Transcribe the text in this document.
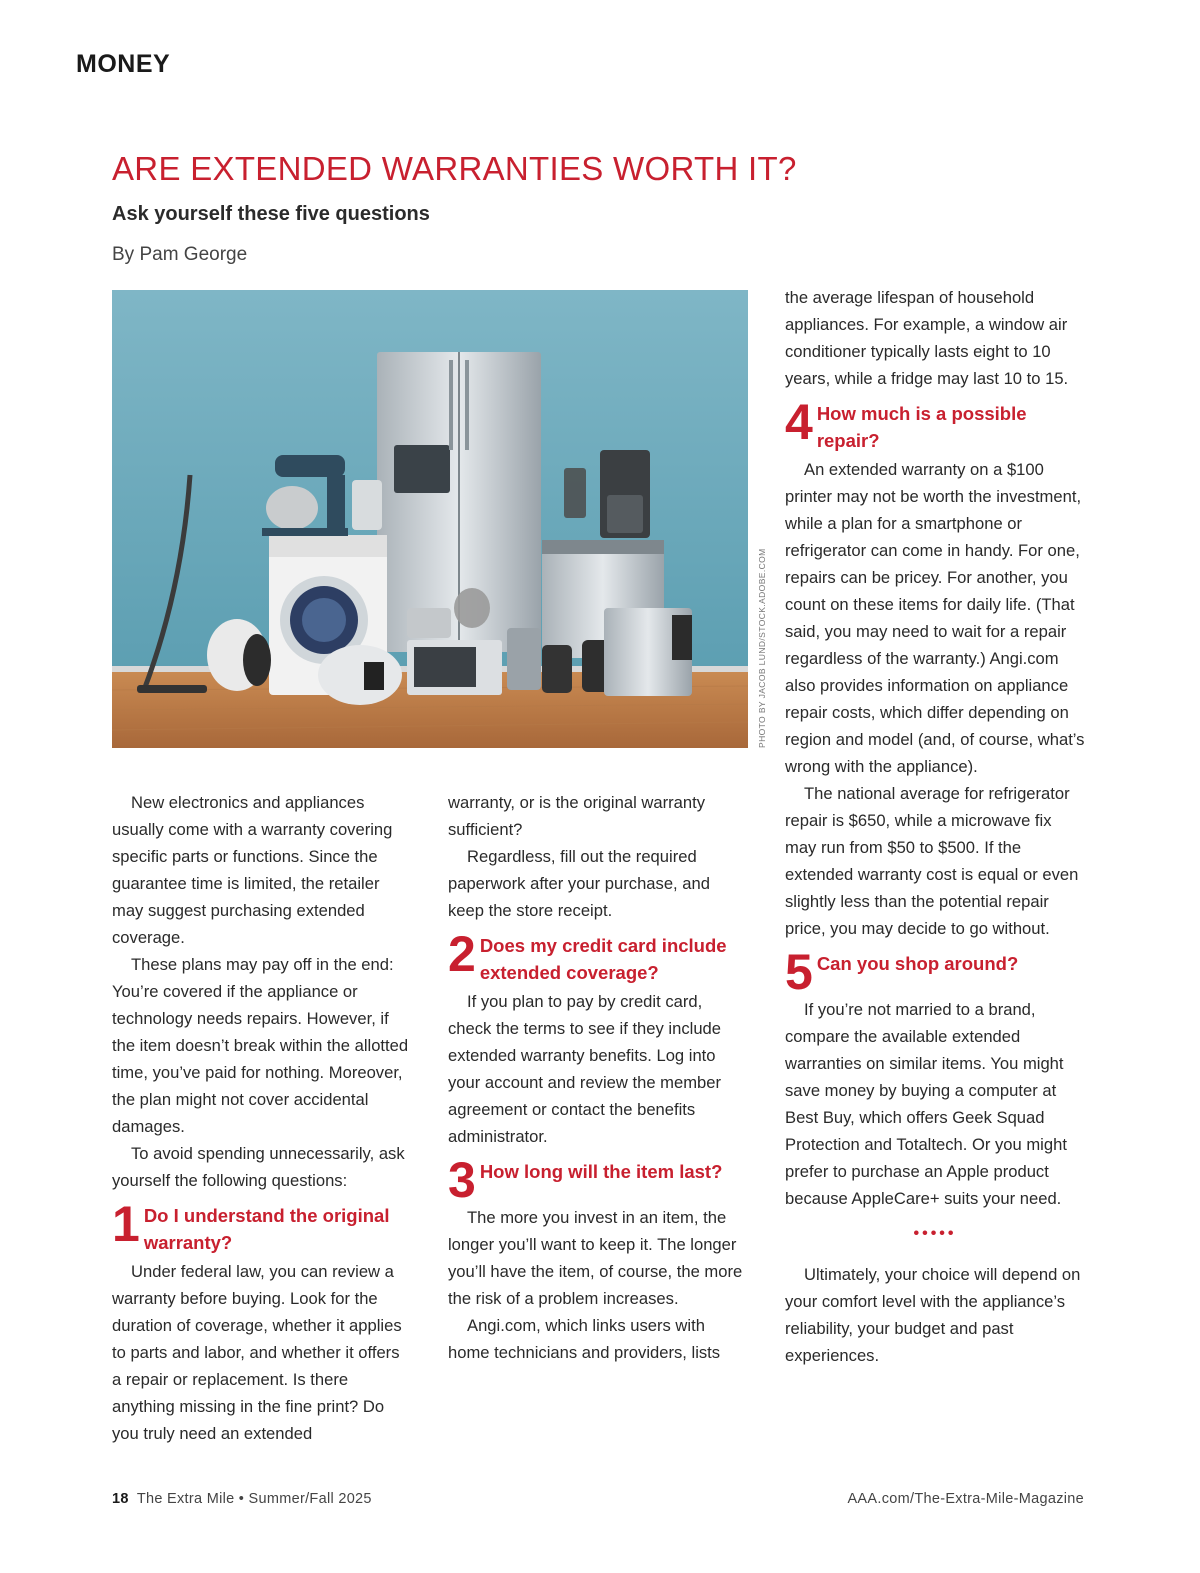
MONEY
ARE EXTENDED WARRANTIES WORTH IT?
Ask yourself these five questions
By Pam George
PHOTO BY JACOB LUND/STOCK.ADOBE.COM

New electronics and appliances usually come with a warranty covering specific parts or functions. Since the guarantee time is limited, the retailer may suggest purchasing extended coverage.

These plans may pay off in the end: You’re covered if the appliance or technology needs repairs. However, if the item doesn’t break within the allotted time, you’ve paid for nothing. Moreover, the plan might not cover accidental damages.

To avoid spending unnecessarily, ask yourself the following questions:

1 Do I understand the original warranty?

Under federal law, you can review a warranty before buying. Look for the duration of coverage, whether it applies to parts and labor, and whether it offers a repair or replacement. Is there anything missing in the fine print? Do you truly need an extended

warranty, or is the original warranty sufficient?

Regardless, fill out the required paperwork after your purchase, and keep the store receipt.

2 Does my credit card include extended coverage?

If you plan to pay by credit card, check the terms to see if they include extended warranty benefits. Log into your account and review the member agreement or contact the benefits administrator.

3 How long will the item last?

The more you invest in an item, the longer you’ll want to keep it. The longer you’ll have the item, of course, the more the risk of a problem increases.

Angi.com, which links users with home technicians and providers, lists

the average lifespan of household appliances. For example, a window air conditioner typically lasts eight to 10 years, while a fridge may last 10 to 15.

4 How much is a possible repair?

An extended warranty on a $100 printer may not be worth the investment, while a plan for a smartphone or refrigerator can come in handy. For one, repairs can be pricey. For another, you count on these items for daily life. (That said, you may need to wait for a repair regardless of the warranty.) Angi.com also provides information on appliance repair costs, which differ depending on region and model (and, of course, what’s wrong with the appliance).

The national average for refrigerator repair is $650, while a microwave fix may run from $50 to $500. If the extended warranty cost is equal or even slightly less than the potential repair price, you may decide to go without.

5 Can you shop around?

If you’re not married to a brand, compare the available extended warranties on similar items. You might save money by buying a computer at Best Buy, which offers Geek Squad Protection and Totaltech. Or you might prefer to purchase an Apple product because AppleCare+ suits your need.

•••••

Ultimately, your choice will depend on your comfort level with the appliance’s reliability, your budget and past experiences.

18 The Extra Mile • Summer/Fall 2025	AAA.com/The-Extra-Mile-Magazine
